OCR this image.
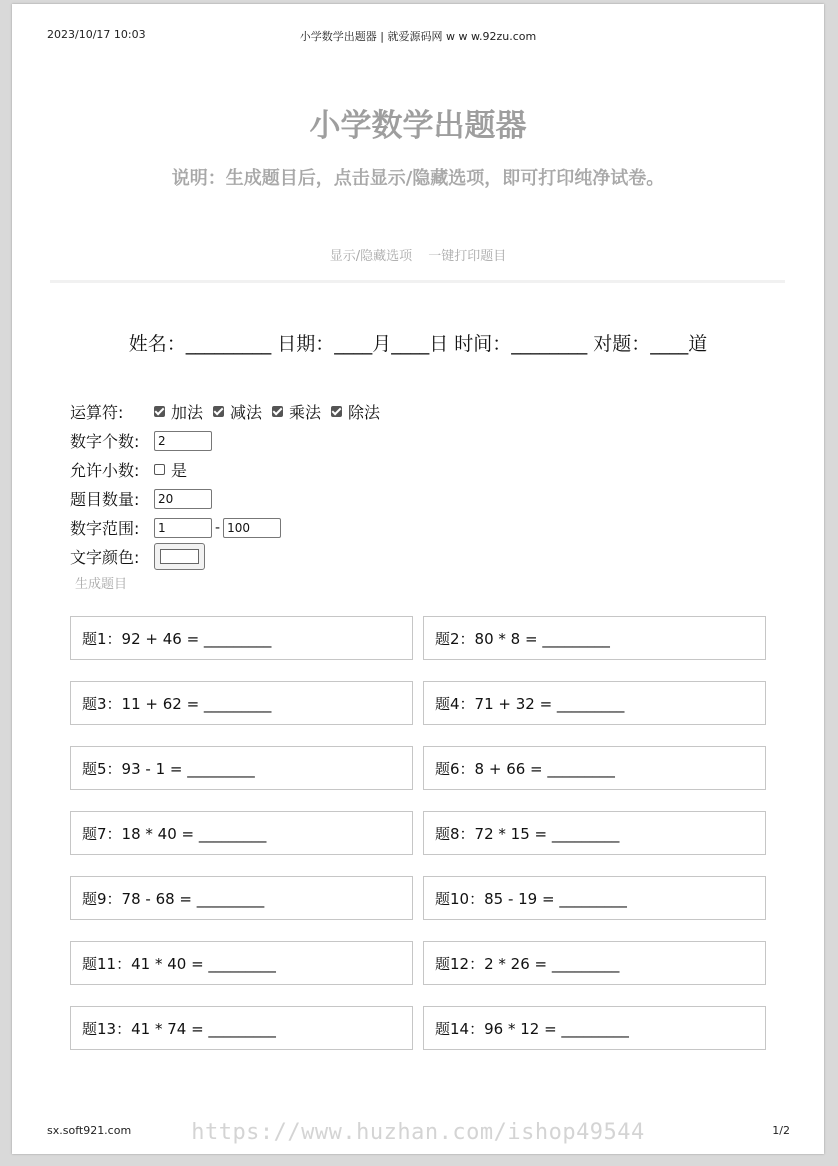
2023/10/17 10:03	小学数学出题器 | 就爱源码网 w w w.92zu.com
小学数学出题器
说明：生成题目后，点击显示/隐藏选项，即可打印纯净试卷。
显示/隐藏选项 一键打印题目
姓名：_________ 日期：____月____日 时间：________ 对题：____道
运算符:	加法 减法 乘法 除法
数字个数:	2
允许小数:	是
题目数量:	20
数字范围:	1	- 100
文字颜色:
生成题目
题1：92 + 46 = _________	题2：80 * 8 = _________
题3：11 + 62 = _________	题4：71 + 32 = _________
题5：93 - 1 = _________	题6：8 + 66 = _________
题7：18 * 40 = _________	题8：72 * 15 = _________
题9：78 - 68 = _________	题10：85 - 19 = _________
题11：41 * 40 = _________	题12：2 * 26 = _________
题13：41 * 74 = _________	题14：96 * 12 = _________
https://www.huzhan.com/ishop49544
sx.soft921.com	1/2
